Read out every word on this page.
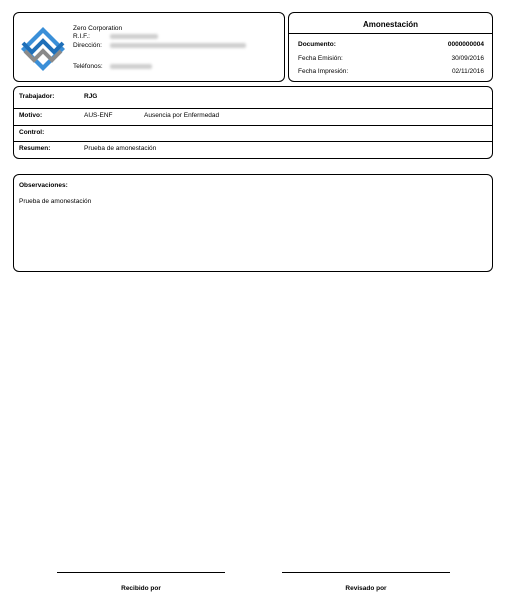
Zero Corporation
R.I.F.:
Dirección:
Teléfonos:
Amonestación
Documento:	0000000004
Fecha Emisión:	30/09/2016
Fecha Impresión:	02/11/2016
Trabajador:	RJG
Motivo:	AUS-ENF	Ausencia por Enfermedad
Control:
Resumen:	Prueba de amonestación
Observaciones:
Prueba de amonestación
Recibido por	Revisado por
